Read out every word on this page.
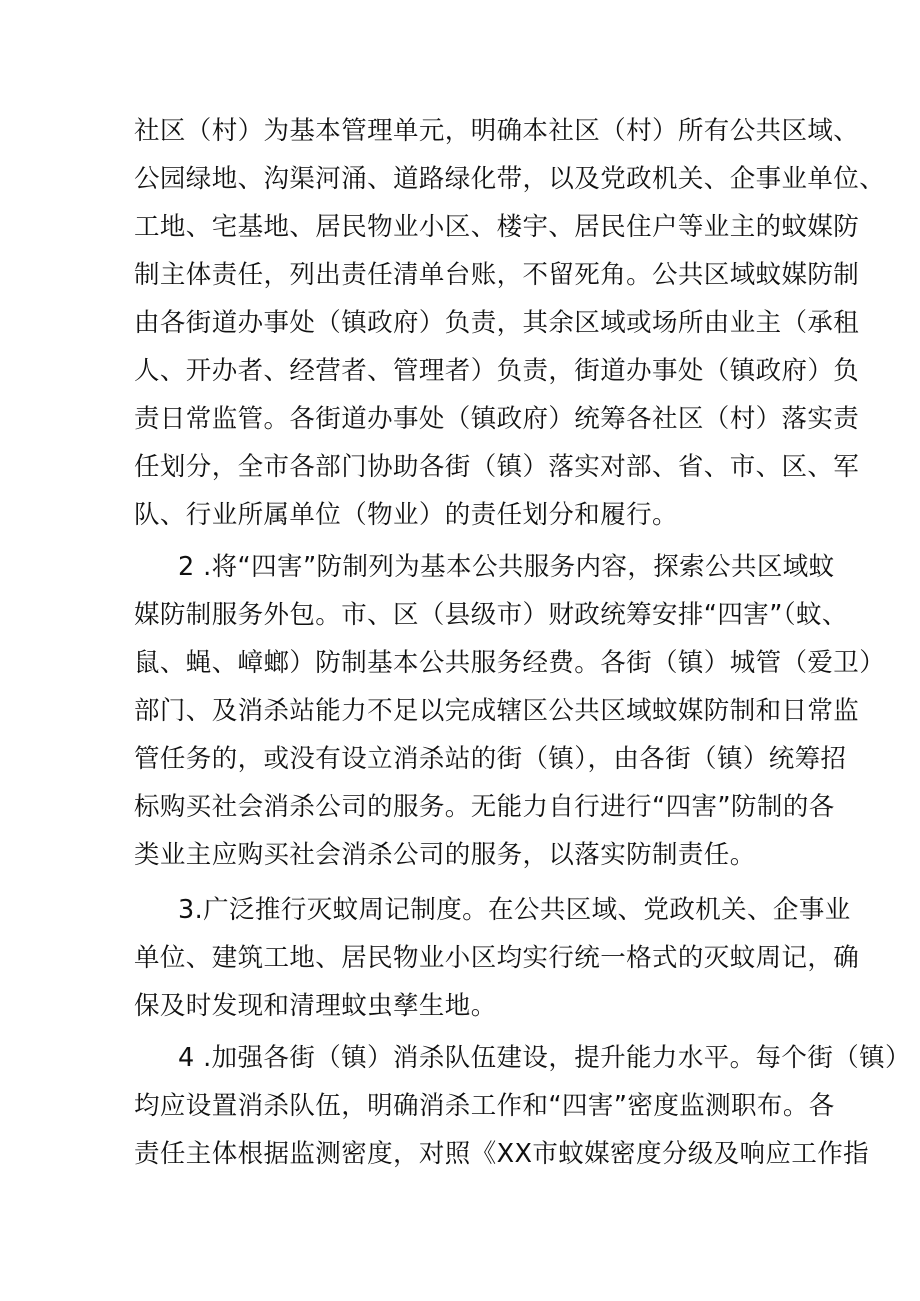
社区（村）为基本管理单元，明确本社区（村）所有公共区域、
公园绿地、沟渠河涌、道路绿化带，以及党政机关、企事业单位、
工地、宅基地、居民物业小区、楼宇、居民住户等业主的蚊媒防
制主体责任，列出责任清单台账，不留死角。公共区域蚊媒防制
由各街道办事处（镇政府）负责，其余区域或场所由业主（承租
人、开办者、经营者、管理者）负责，街道办事处（镇政府）负
责日常监管。各街道办事处（镇政府）统筹各社区（村）落实责
任划分，全市各部门协助各街（镇）落实对部、省、市、区、军
队、行业所属单位（物业）的责任划分和履行。
2 .将“四害”防制列为基本公共服务内容，探索公共区域蚊
媒防制服务外包。市、区（县级市）财政统筹安排“四害”（蚊、
鼠、蝇、嶂螂）防制基本公共服务经费。各街（镇）城管（爱卫）
部门、及消杀站能力不足以完成辖区公共区域蚊媒防制和日常监
管任务的，或没有设立消杀站的街（镇），由各街（镇）统筹招
标购买社会消杀公司的服务。无能力自行进行“四害”防制的各
类业主应购买社会消杀公司的服务，以落实防制责任。
3.广泛推行灭蚊周记制度。在公共区域、党政机关、企事业
单位、建筑工地、居民物业小区均实行统一格式的灭蚊周记，确
保及时发现和清理蚊虫孳生地。
4 .加强各街（镇）消杀队伍建设，提升能力水平。每个街（镇）
均应设置消杀队伍，明确消杀工作和“四害”密度监测职布。各
责任主体根据监测密度，对照《XX市蚊媒密度分级及响应工作指
